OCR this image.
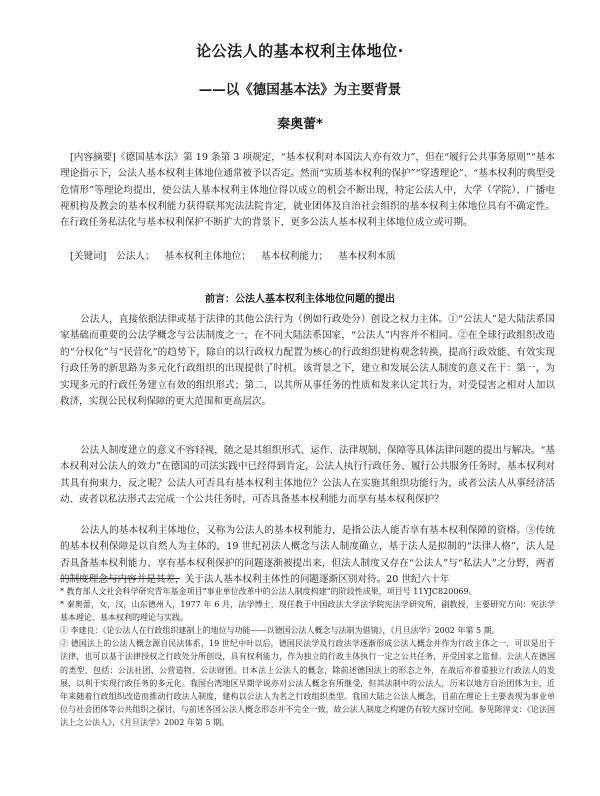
论公法人的基本权利主体地位·
——以《德国基本法》为主要背景
秦奥蕾*
[内容摘要]《德国基本法》第 19 条第 3 项规定，“基本权利对本国法人亦有效力”，但在“履行公共事务原则”“基本理论指示下，公法人基本权利主体地位通常被予以否定。然而“实质基本权利的保护”“穿透理论”、“基本权利的典型受危情形”等理论均提出，使公法人基本权利主体地位得以成立的机会不断出现，特定公法人中，大学（学院）、广播电视机构及教会的基本权利能力获得联邦宪法法院肯定，就业团体及自治社会组织的基本权利主体地位具有不确定性。在行政任务私法化与基本权利保护不断扩大的背景下，更多公法人基本权利主体地位成立或可期。
[关键词] 公法人； 基本权利主体地位； 基本权利能力； 基本权利本质
前言：公法人基本权利主体地位问题的提出

公法人，直接依据法律或基于法律的其他公法行为（例如行政处分）创设之权力主体。①“公法人”是大陆法系国家基础而重要的公法学概念与公法制度之一，在不同大陆法系国家，“公法人”内容并不相同。②在全球行政组织改造的“分权化”与“民营化”的趋势下，除自的以行政权力配置为核心的行政组织建构观念转换，提高行政效能、有效实现行政任务的新思路为多元化行政组织的出现提供了时机。该背景之下，建立和发展公法人制度的意义在于：第一，为实现多元的行政任务建立有效的组织形式；第二，以其所从事任务的性质和发来认定其行为，对受侵害之相对人加以救济，实现公民权利保障的更大范围和更高层次。

公法人制度建立的意义不容轻视，随之是其组织形式、运作、法律规制、保障等具体法律问题的提出与解决。“基本权利对公法人的效力”在德国的司法实践中已经得到肯定，公法人执行行政任务、履行公共服务任务时，基本权利对其具有拘束力，反之呢？公法人可否具有基本权利主体地位？公法人在实施其组织功能行为，或者公法人从事经济活动、或者以私法形式去完成一个公共任务时，可否具备基本权利能力而享有基本权利保护？

公法人的基本权利主体地位，又称为公法人的基本权利能力，是指公法人能否享有基本权利保障的资格。③传统的基本权利保障是以自然人为主体的，19 世纪初法人概念与法人制度确立，基于法人是拟制的“法律人格”，法人是否具备基本权利能力、享有基本权利保护的问题逐渐被提出来，但法人制度又存在“公法人”与“私法人”之分野，两者的制度理念与内容并是其差，关于法人基本权利主体性的问题逐渐区别对待。20 世纪六十年

* 教育部人文社会科学研究青年基金项目“事业单位改革中的公法人制度构建”的阶段性成果，项目号 11YJC820069。

* 秦奥蕾，女，汉，山东德州人，1977 年 6 月，法学博士，现任教于中国政法大学法学院宪法学研究所，副教授，主要研究方向：宪法学基本理论、基本权利的理论与实践。

① 李建良：《论公法人在行政组织建制上的地位与功能——以德国公法人概念与法制为借镜》，《月旦法学》2002 年第 5 期。

② 德国法上的公法人概念源自民法体系，19 世纪中叶以后，德国民法学及行政法学逐渐形成公法人概念并作为行政主体之一，可以是出于法律，也可以基于法律授权之行政处分所创设，具有权利能力，作为独立的行政主体执行一定之公共任务，并受国家之监督。公法人在德国的类型，包括：公法社团、公营造物、公法财团。日本法上公法人的概念，除前述德国法上的形态之外，在战后亦着重独立行政法人的发展，以利于实现行政任务的多元化。我国台湾地区早期学说亦对公法人概念有所继受，但其法制中的公法人，历来以地方自治团体为主，近年来随着行政组织改造而推动行政法人制度，建构以公法人为名之行政组织类型。我国大陆之公法人概念，目前在理论上主要表现为事业单位与社会团体等公共组织之探讨，与前述各国公法人概念形态并不完全一致，故公法人制度之构建仍有较大探讨空间。参见陈淳文：《论法国法上之公法人》，《月旦法学》2002 年第 5 期。
